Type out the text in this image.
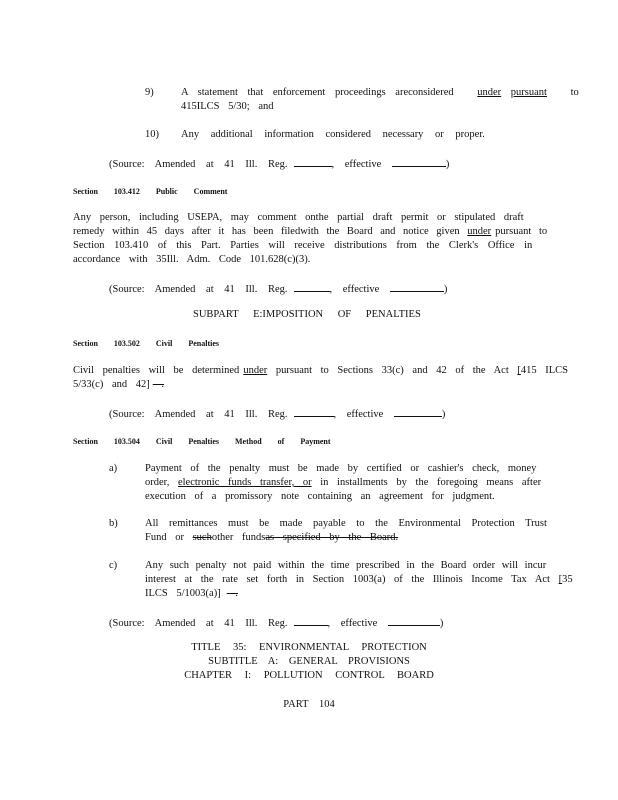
9)	A statement that enforcement proceedings areconsidered under pursuant to
415ILCS 5/30; and
10) Any additional information considered necessary or proper.
(Source: Amended at 41 Ill. Reg.	, effective	)
Section 103.412 Public Comment
Any person, including USEPA, may comment onthe partial draft permit or stipulated draft
remedy within 45 days after it has been filedwith the Board and notice given under pursuant to
Section 103.410 of this Part. Parties will receive distributions from the Clerk's Office in
accordance with 35Ill. Adm. Code 101.628(c)(3).
(Source: Amended at 41 Ill. Reg.	, effective	)
SUBPART E:IMPOSITION OF PENALTIES
Section 103.502 Civil Penalties
Civil penalties will be determined under pursuant to Sections 33(c) and 42 of the Act [415 ILCS
5/33(c) and 42] .
(Source: Amended at 41 Ill. Reg.	, effective	)
Section 103.504 Civil Penalties Method of Payment
a)	Payment of the penalty must be made by certified or cashier's check, money
order, electronic funds transfer, or in installments by the foregoing means after
execution of a promissory note containing an agreement for judgment.
b)	All remittances must be made payable to the Environmental Protection Trust
Fund or suchother fundsas specified by the Board.
c)	Any such penalty not paid within the time prescribed in the Board order will incur
interest at the rate set forth in Section 1003(a) of the Illinois Income Tax Act [35
ILCS 5/1003(a)] .
(Source: Amended at 41 Ill. Reg.	, effective	)
TITLE 35: ENVIRONMENTAL PROTECTION
SUBTITLE A: GENERAL PROVISIONS
CHAPTER I: POLLUTION CONTROL BOARD
PART 104
